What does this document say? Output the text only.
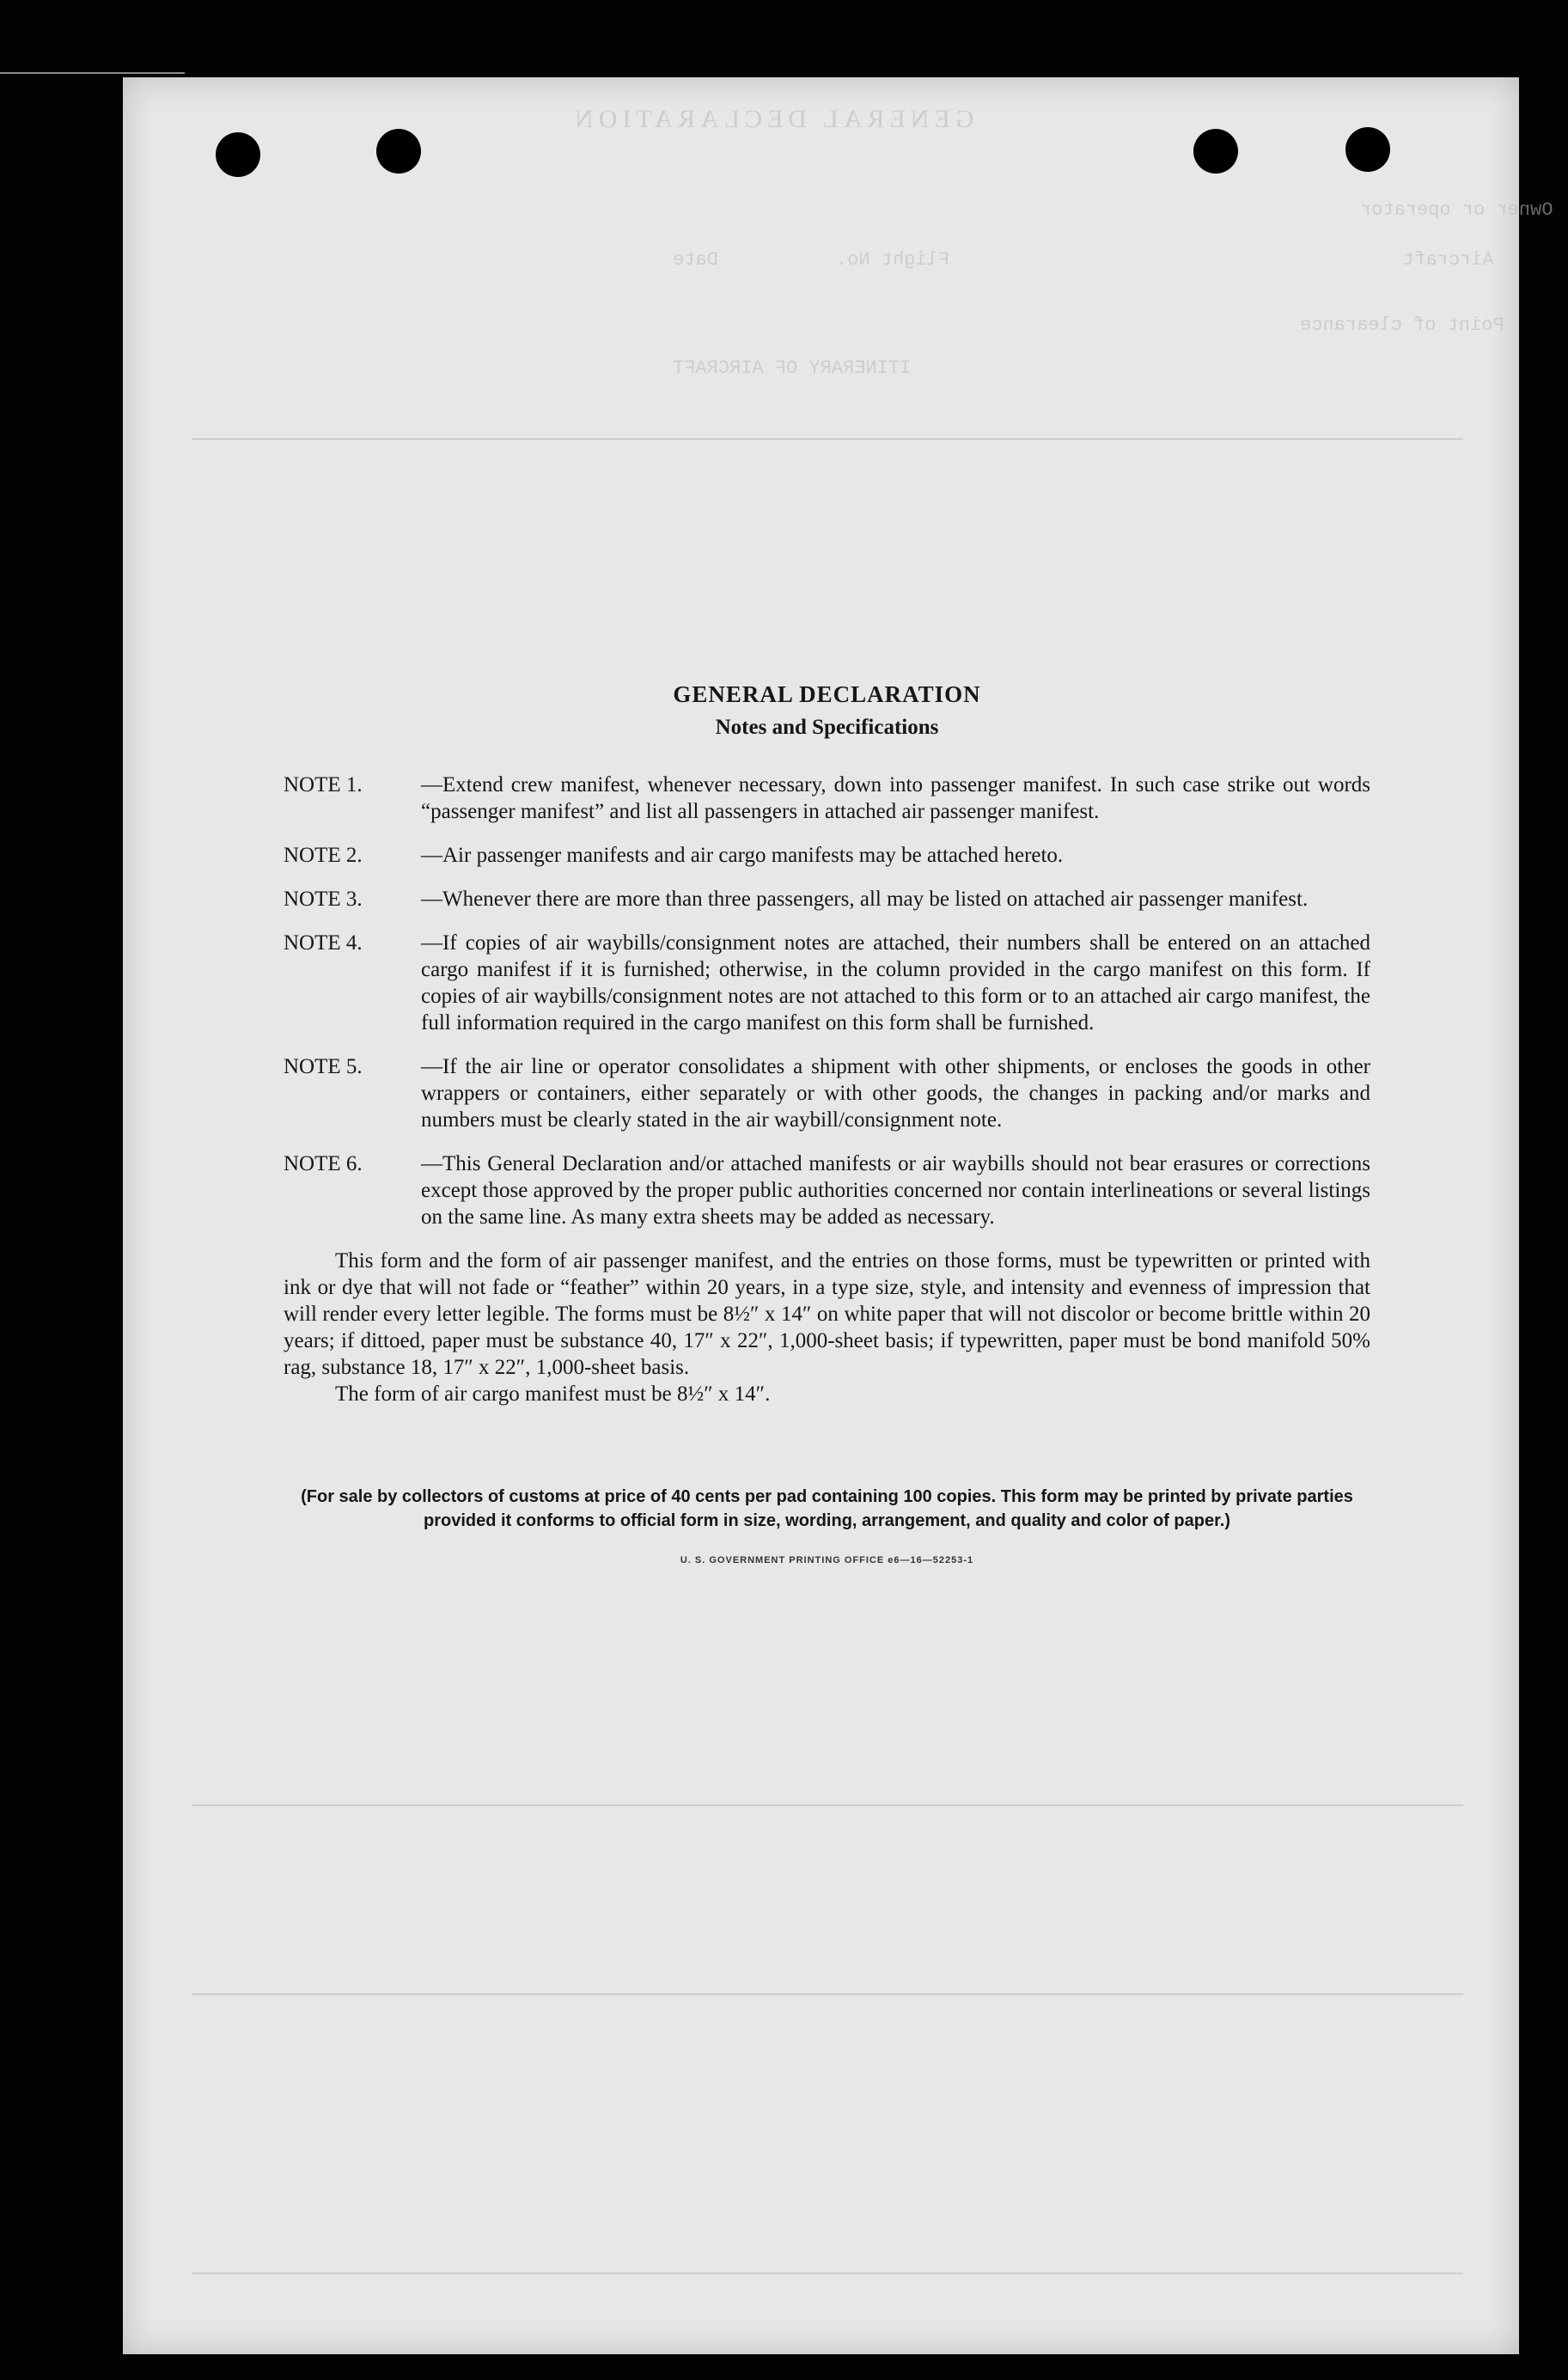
GENERAL DECLARATION
Owner or operator
Aircraft
Flight No.
Date
Point of clearance
ITINERARY OF AIRCRAFT

GENERAL DECLARATION

Notes and Specifications

NOTE 1.	—Extend crew manifest, whenever necessary, down into passenger manifest. In such case strike out words “passenger manifest” and list all passengers in attached air passenger manifest.
NOTE 2.	—Air passenger manifests and air cargo manifests may be attached hereto.
NOTE 3.	—Whenever there are more than three passengers, all may be listed on attached air passenger manifest.
NOTE 4.	—If copies of air waybills/consignment notes are attached, their numbers shall be entered on an attached cargo manifest if it is furnished; otherwise, in the column provided in the cargo manifest on this form. If copies of air waybills/consignment notes are not attached to this form or to an attached air cargo manifest, the full information required in the cargo manifest on this form shall be furnished.
NOTE 5.	—If the air line or operator consolidates a shipment with other shipments, or encloses the goods in other wrappers or containers, either separately or with other goods, the changes in packing and/or marks and numbers must be clearly stated in the air waybill/consignment note.
NOTE 6.	—This General Declaration and/or attached manifests or air waybills should not bear erasures or corrections except those approved by the proper public authorities concerned nor contain interlineations or several listings on the same line. As many extra sheets may be added as necessary.

This form and the form of air passenger manifest, and the entries on those forms, must be typewritten or printed with ink or dye that will not fade or “feather” within 20 years, in a type size, style, and intensity and evenness of impression that will render every letter legible. The forms must be 8½″ x 14″ on white paper that will not discolor or become brittle within 20 years; if dittoed, paper must be substance 40, 17″ x 22″, 1,000-sheet basis; if typewritten, paper must be bond manifold 50% rag, substance 18, 17″ x 22″, 1,000-sheet basis.

The form of air cargo manifest must be 8½″ x 14″.

(For sale by collectors of customs at price of 40 cents per pad containing 100 copies. This form may be printed by private parties provided it conforms to official form in size, wording, arrangement, and quality and color of paper.)

U. S. GOVERNMENT PRINTING OFFICE e6—16—52253-1
